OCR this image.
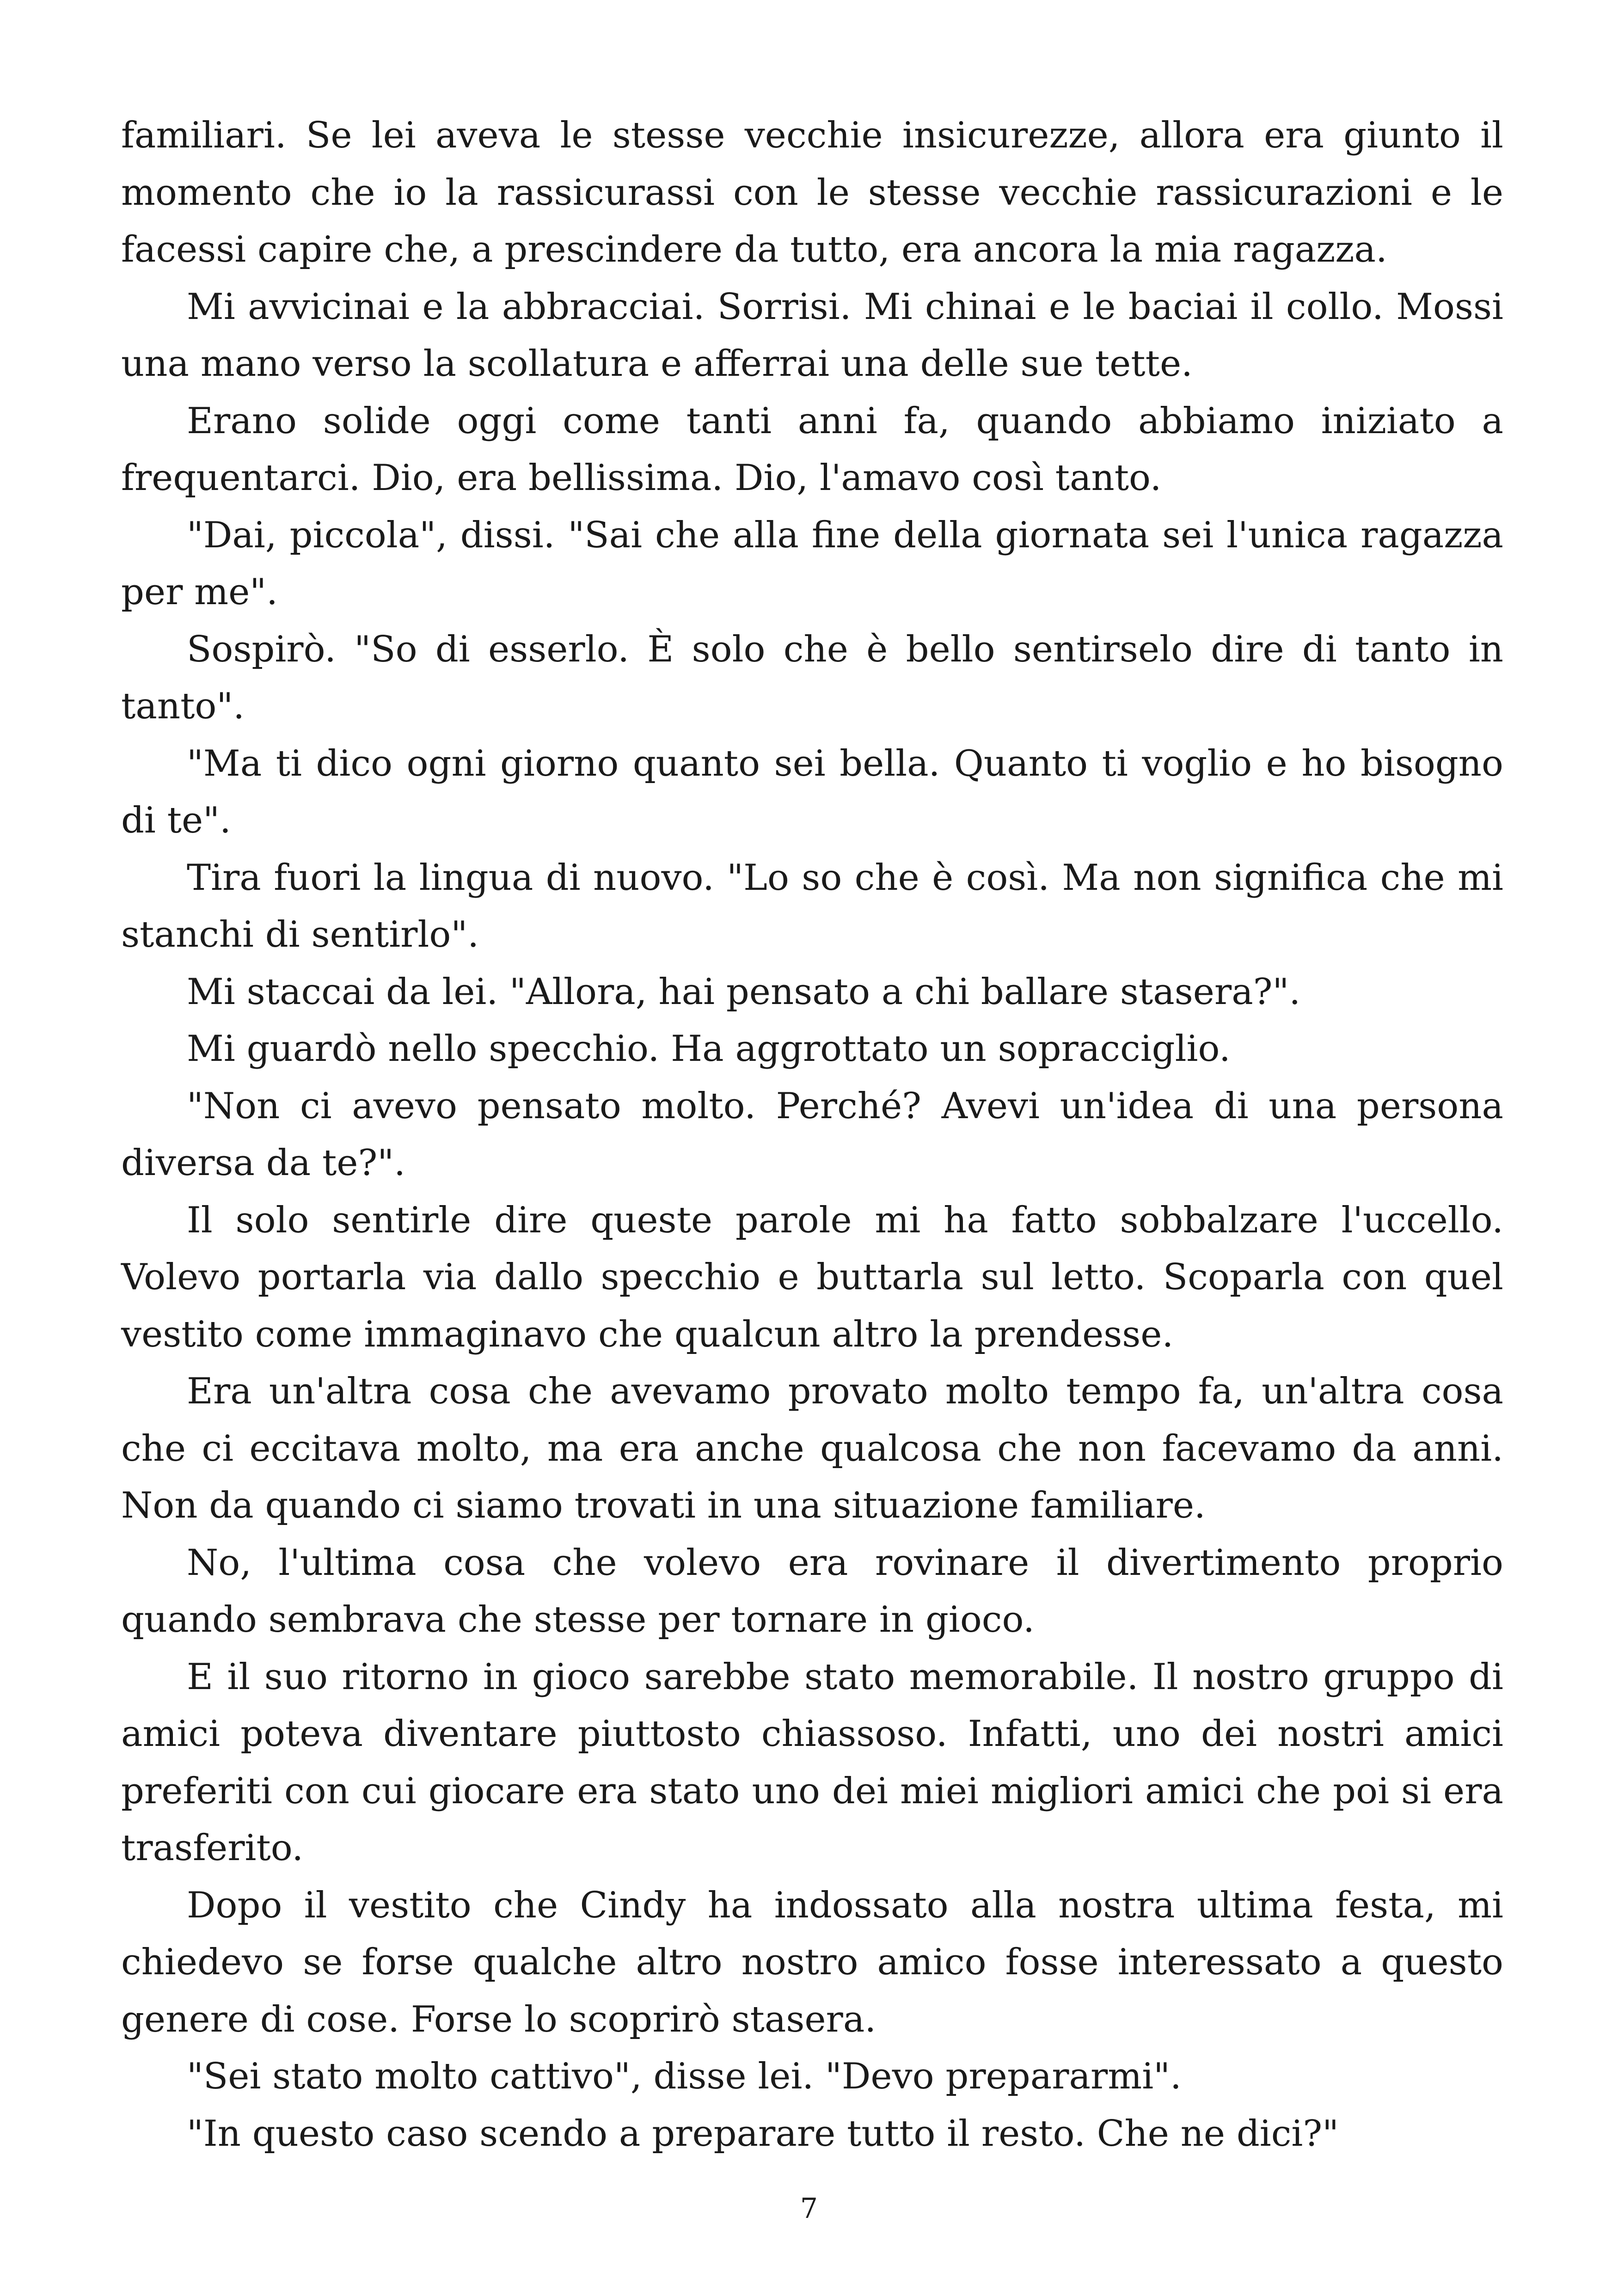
familiari. Se lei aveva le stesse vecchie insicurezze, allora era giunto il momento che io la rassicurassi con le stesse vecchie rassicurazioni e le facessi capire che, a prescindere da tutto, era ancora la mia ragazza.

Mi avvicinai e la abbracciai. Sorrisi. Mi chinai e le baciai il collo. Mossi una mano verso la scollatura e afferrai una delle sue tette.

Erano solide oggi come tanti anni fa, quando abbiamo iniziato a frequentarci. Dio, era bellissima. Dio, l'amavo così tanto.

"Dai, piccola", dissi. "Sai che alla fine della giornata sei l'unica ragazza per me".

Sospirò. "So di esserlo. È solo che è bello sentirselo dire di tanto in tanto".

"Ma ti dico ogni giorno quanto sei bella. Quanto ti voglio e ho bisogno di te".

Tira fuori la lingua di nuovo. "Lo so che è così. Ma non significa che mi stanchi di sentirlo".

Mi staccai da lei. "Allora, hai pensato a chi ballare stasera?".

Mi guardò nello specchio. Ha aggrottato un sopracciglio.

"Non ci avevo pensato molto. Perché? Avevi un'idea di una persona diversa da te?".

Il solo sentirle dire queste parole mi ha fatto sobbalzare l'uccello. Volevo portarla via dallo specchio e buttarla sul letto. Scoparla con quel vestito come immaginavo che qualcun altro la prendesse.

Era un'altra cosa che avevamo provato molto tempo fa, un'altra cosa che ci eccitava molto, ma era anche qualcosa che non facevamo da anni. Non da quando ci siamo trovati in una situazione familiare.

No, l'ultima cosa che volevo era rovinare il divertimento proprio quando sembrava che stesse per tornare in gioco.

E il suo ritorno in gioco sarebbe stato memorabile. Il nostro gruppo di amici poteva diventare piuttosto chiassoso. Infatti, uno dei nostri amici preferiti con cui giocare era stato uno dei miei migliori amici che poi si era trasferito.

Dopo il vestito che Cindy ha indossato alla nostra ultima festa, mi chiedevo se forse qualche altro nostro amico fosse interessato a questo genere di cose. Forse lo scoprirò stasera.

"Sei stato molto cattivo", disse lei. "Devo prepararmi".

"In questo caso scendo a preparare tutto il resto. Che ne dici?"

7
